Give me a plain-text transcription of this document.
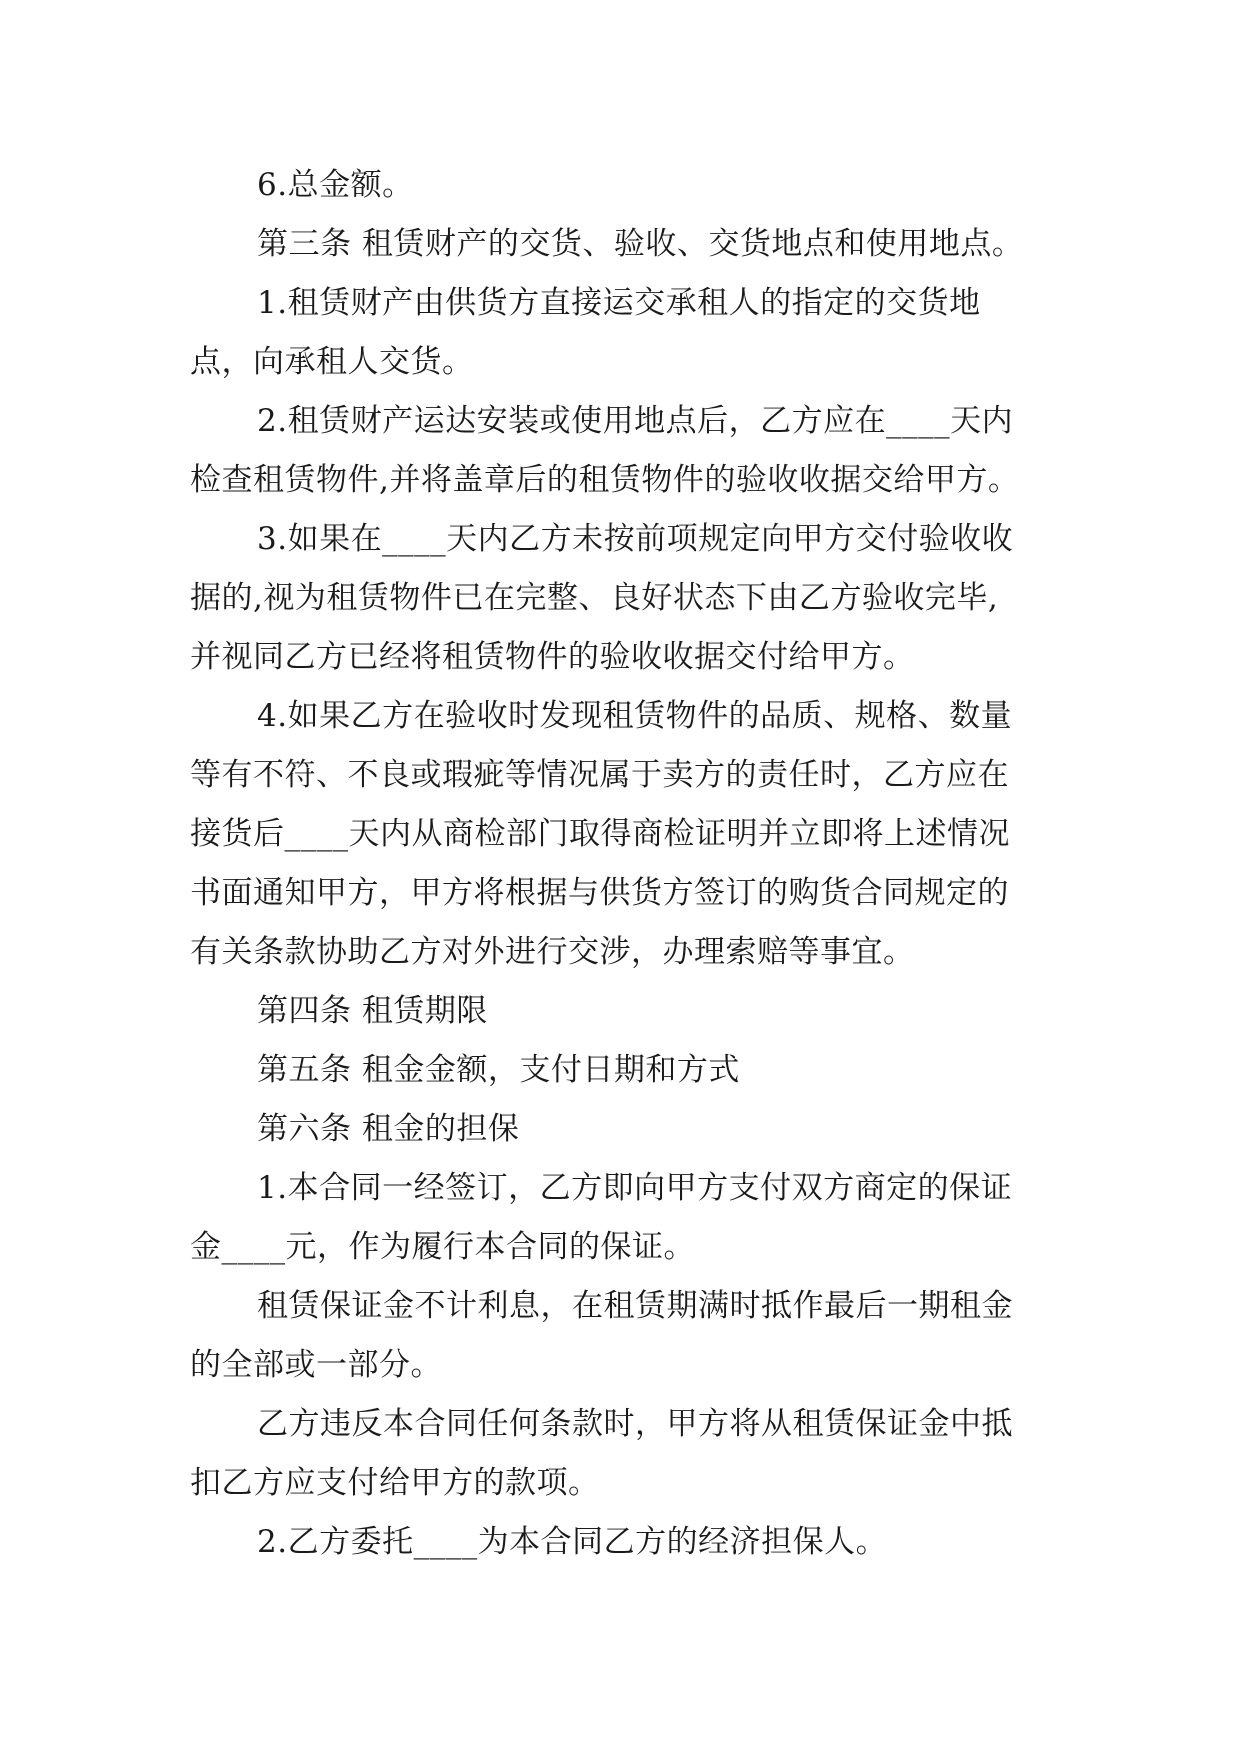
6.总金额。
第三条 租赁财产的交货、验收、交货地点和使用地点。
1.租赁财产由供货方直接运交承租人的指定的交货地
点，向承租人交货。
2.租赁财产运达安装或使用地点后，乙方应在____天内
检查租赁物件,并将盖章后的租赁物件的验收收据交给甲方。
3.如果在____天内乙方未按前项规定向甲方交付验收收
据的,视为租赁物件已在完整、良好状态下由乙方验收完毕,
并视同乙方已经将租赁物件的验收收据交付给甲方。
4.如果乙方在验收时发现租赁物件的品质、规格、数量
等有不符、不良或瑕疵等情况属于卖方的责任时，乙方应在
接货后____天内从商检部门取得商检证明并立即将上述情况
书面通知甲方，甲方将根据与供货方签订的购货合同规定的
有关条款协助乙方对外进行交涉，办理索赔等事宜。
第四条 租赁期限
第五条 租金金额，支付日期和方式
第六条 租金的担保
1.本合同一经签订，乙方即向甲方支付双方商定的保证
金____元，作为履行本合同的保证。
租赁保证金不计利息，在租赁期满时抵作最后一期租金
的全部或一部分。
乙方违反本合同任何条款时，甲方将从租赁保证金中抵
扣乙方应支付给甲方的款项。
2.乙方委托____为本合同乙方的经济担保人。
